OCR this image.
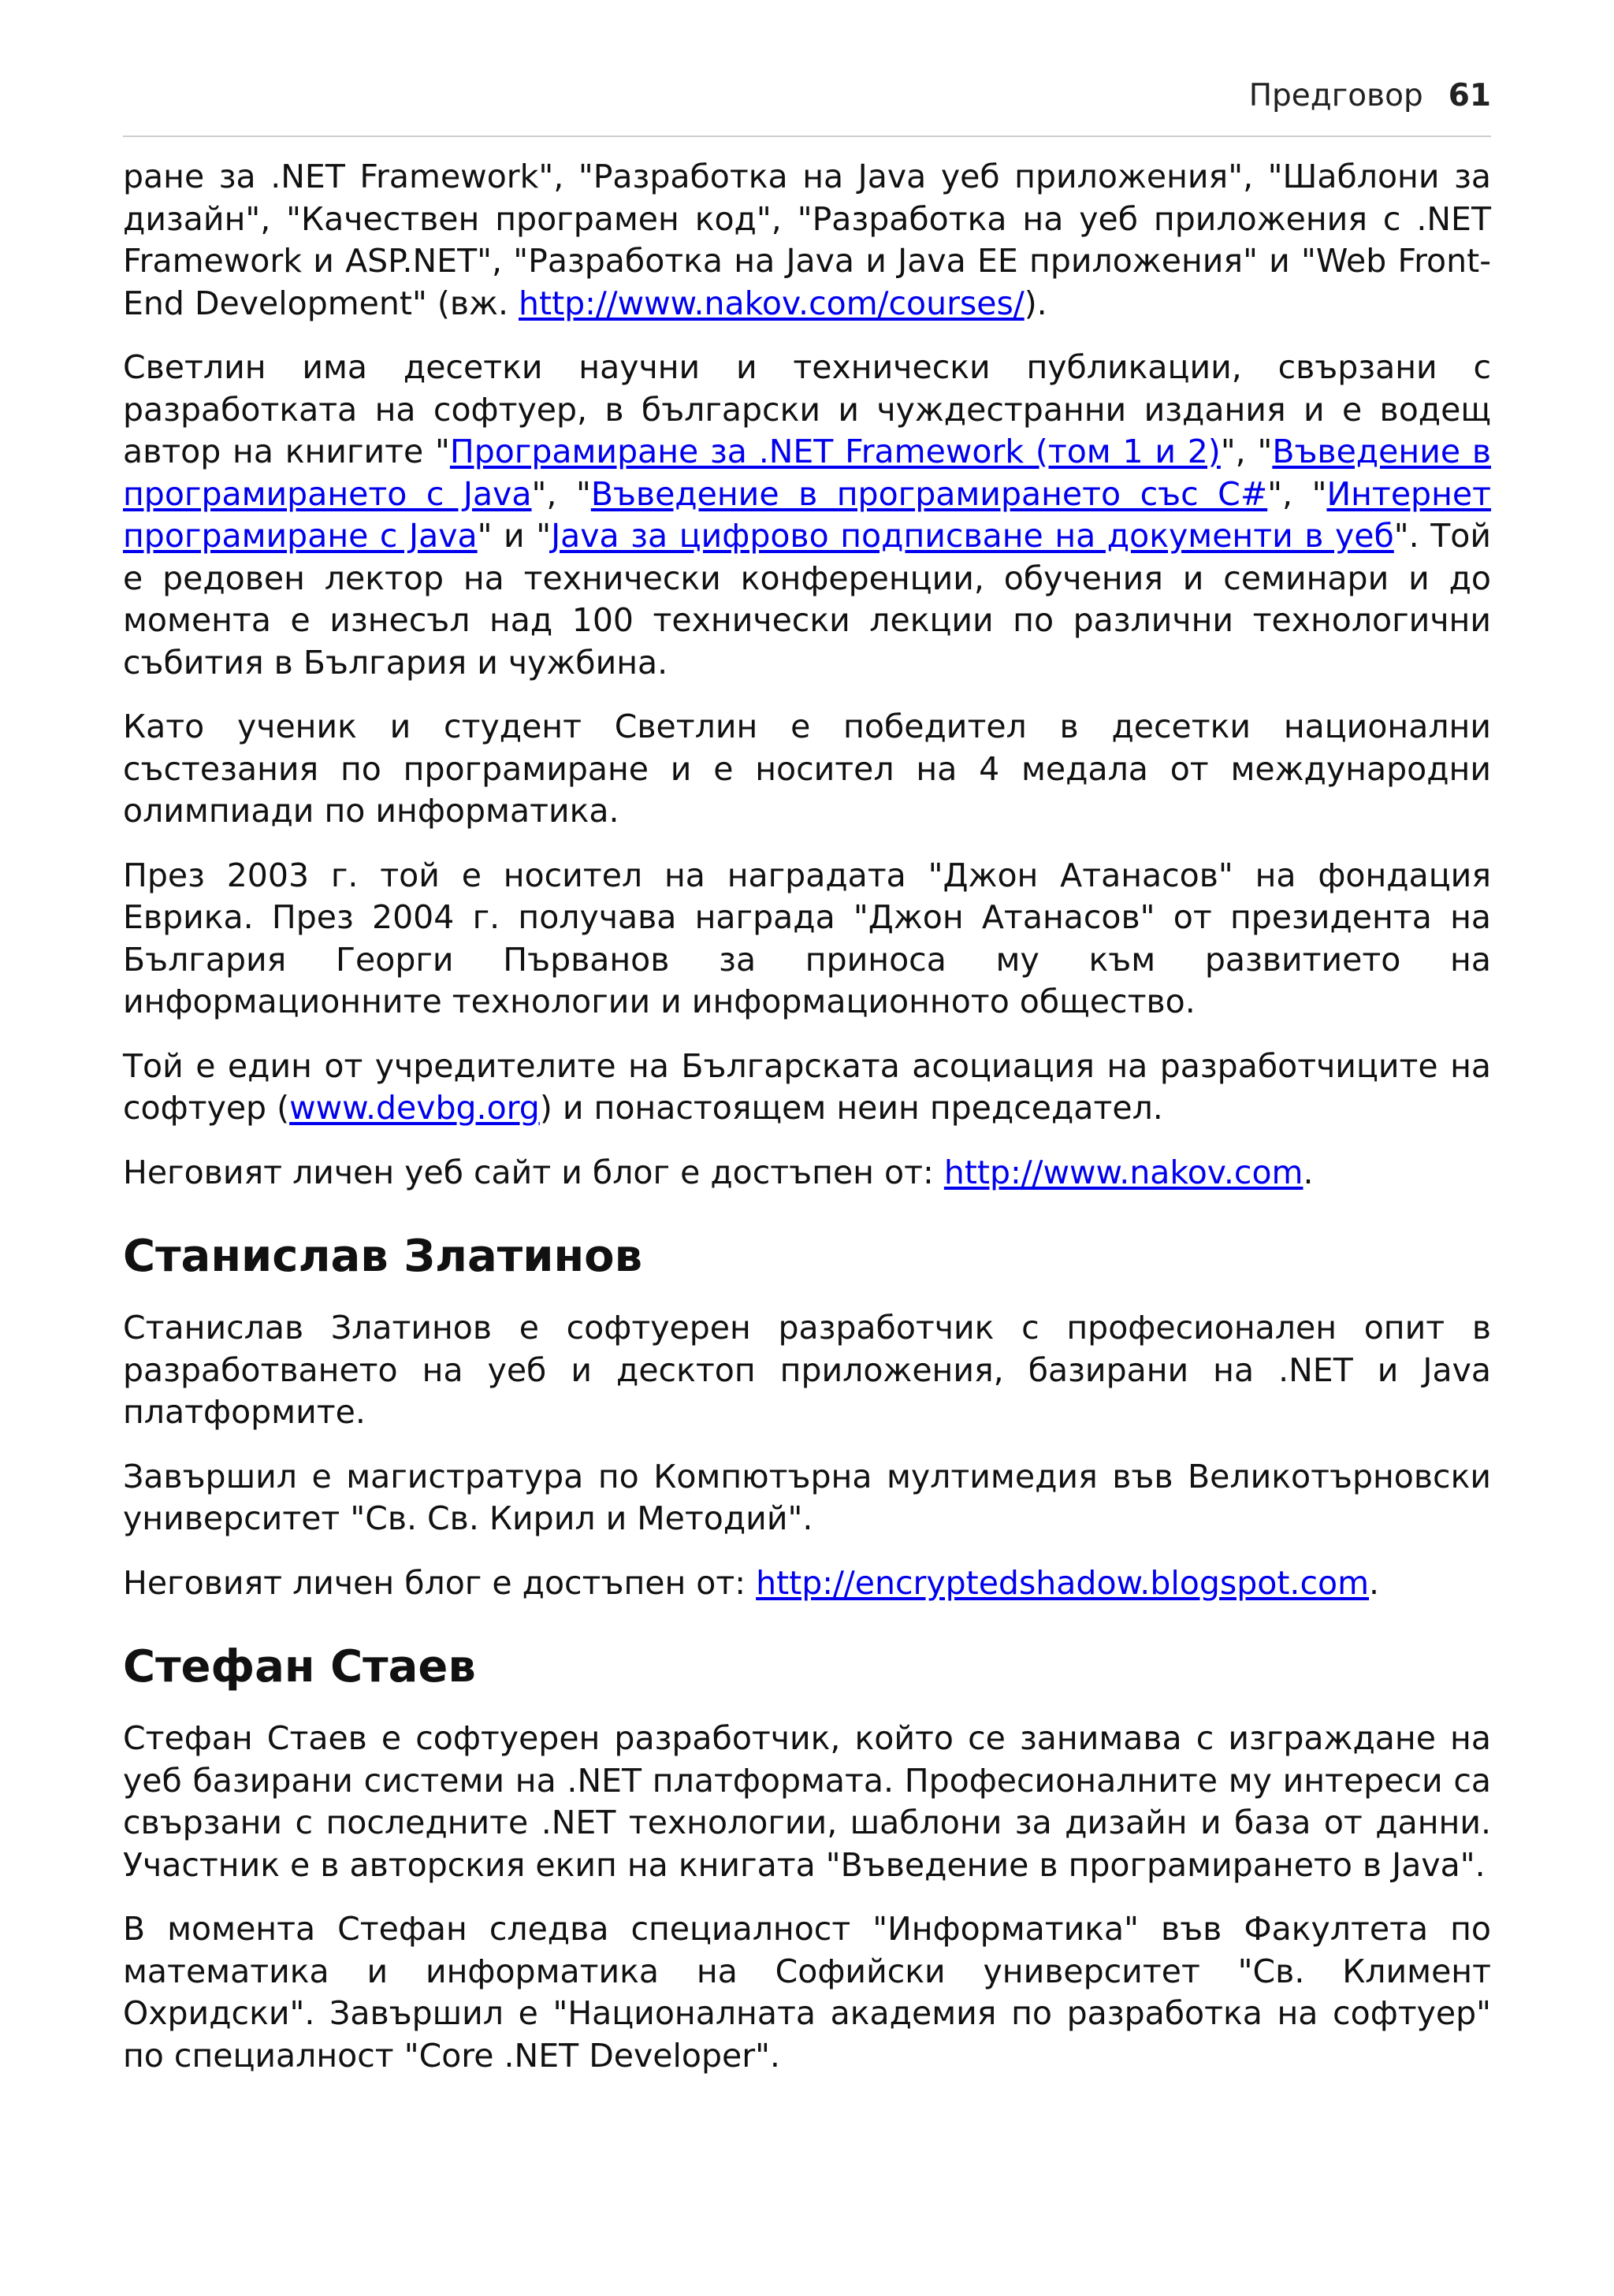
Предговор 61

ране за .NET Framework", "Разработка на Java уеб приложения", "Шаблони за дизайн", "Качествен програмен код", "Разработка на уеб приложения с .NET Framework и ASP.NET", "Разработка на Java и Java EE приложения" и "Web Front-End Development" (вж. http://www.nakov.com/courses/).

Светлин има десетки научни и технически публикации, свързани с разработката на софтуер, в български и чуждестранни издания и е водещ автор на книгите "Програмиране за .NET Framework (том 1 и 2)", "Въведение в програмирането с Java", "Въведение в програмирането със C#", "Интернет програмиране с Java" и "Java за цифрово подписване на документи в уеб". Той е редовен лектор на технически конференции, обучения и семинари и до момента е изнесъл над 100 технически лекции по различни технологични събития в България и чужбина.

Като ученик и студент Светлин е победител в десетки национални състезания по програмиране и е носител на 4 медала от международни олимпиади по информатика.

През 2003 г. той е носител на наградата "Джон Атанасов" на фондация Еврика. През 2004 г. получава награда "Джон Атанасов" от президента на България Георги Първанов за приноса му към развитието на информационните технологии и информационното общество.

Той е един от учредителите на Българската асоциация на разработчиците на софтуер (www.devbg.org) и понастоящем неин председател.

Неговият личен уеб сайт и блог е достъпен от: http://www.nakov.com.

Станислав Златинов

Станислав Златинов е софтуерен разработчик с професионален опит в разработването на уеб и десктоп приложения, базирани на .NET и Java платформите.

Завършил е магистратура по Компютърна мултимедия във Великотърновски университет "Св. Св. Кирил и Методий".

Неговият личен блог е достъпен от: http://encryptedshadow.blogspot.com.

Стефан Стаев

Стефан Стаев е софтуерен разработчик, който се занимава с изграждане на уеб базирани системи на .NET платформата. Професионалните му интереси са свързани с последните .NET технологии, шаблони за дизайн и база от данни. Участник е в авторския екип на книгата "Въведение в програмирането в Java".

В момента Стефан следва специалност "Информатика" във Факултета по математика и информатика на Софийски университет "Св. Климент Охридски". Завършил е "Националната академия по разработка на софтуер" по специалност "Core .NET Developer".
